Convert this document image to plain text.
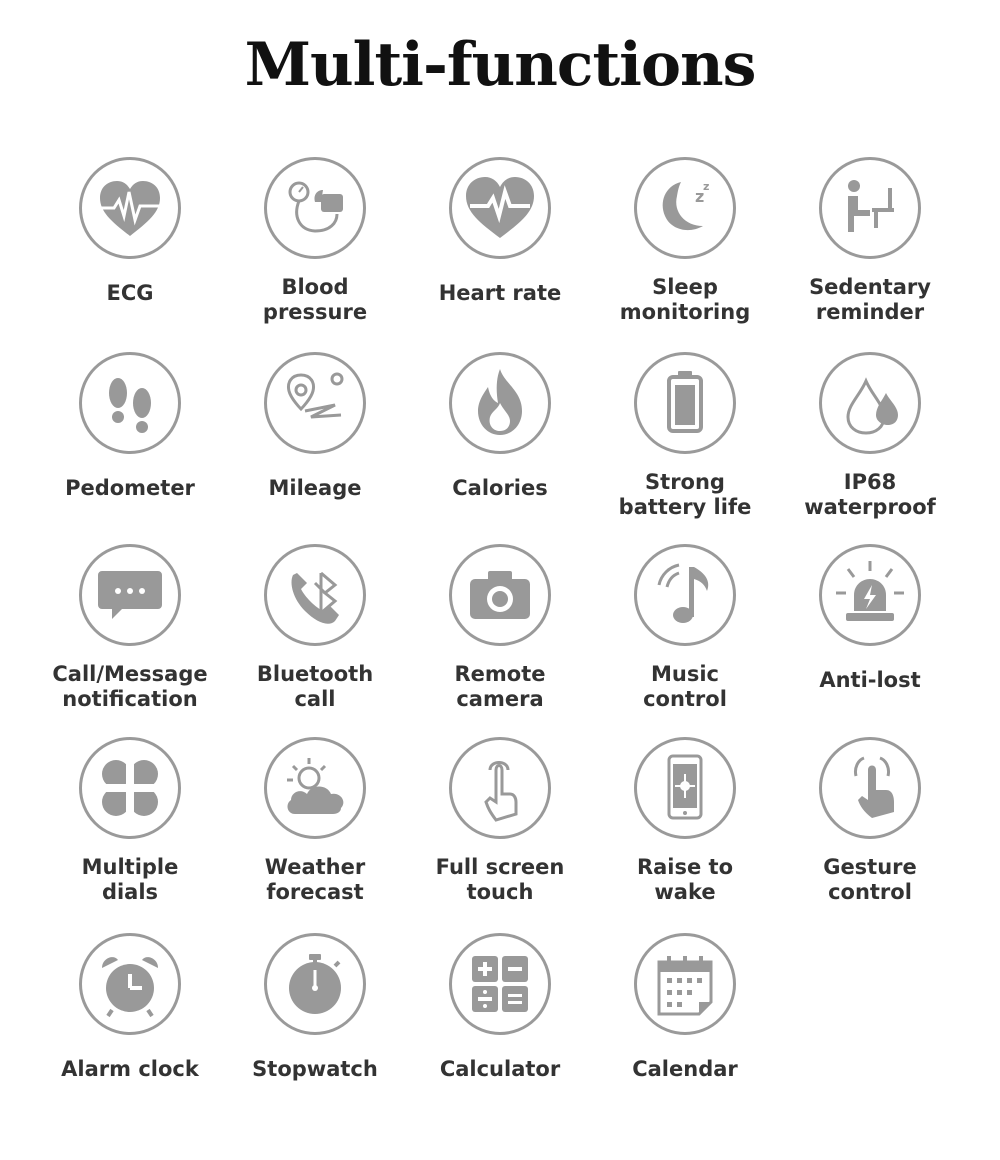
Multi-functions
ECG	Blood
pressure
Heart rate
z
z
Sleep
monitoring
Sedentary
reminder
Pedometer	Mileage	Calories	Strong
battery life
IP68
waterproof
Call/Message
notification
Bluetooth
call
Remote
camera
Music
control
Anti-lost
Multiple
dials
Weather
forecast
Full screen
touch
Raise to
wake
Gesture
control
Alarm clock	Stopwatch	Calculator	Calendar
